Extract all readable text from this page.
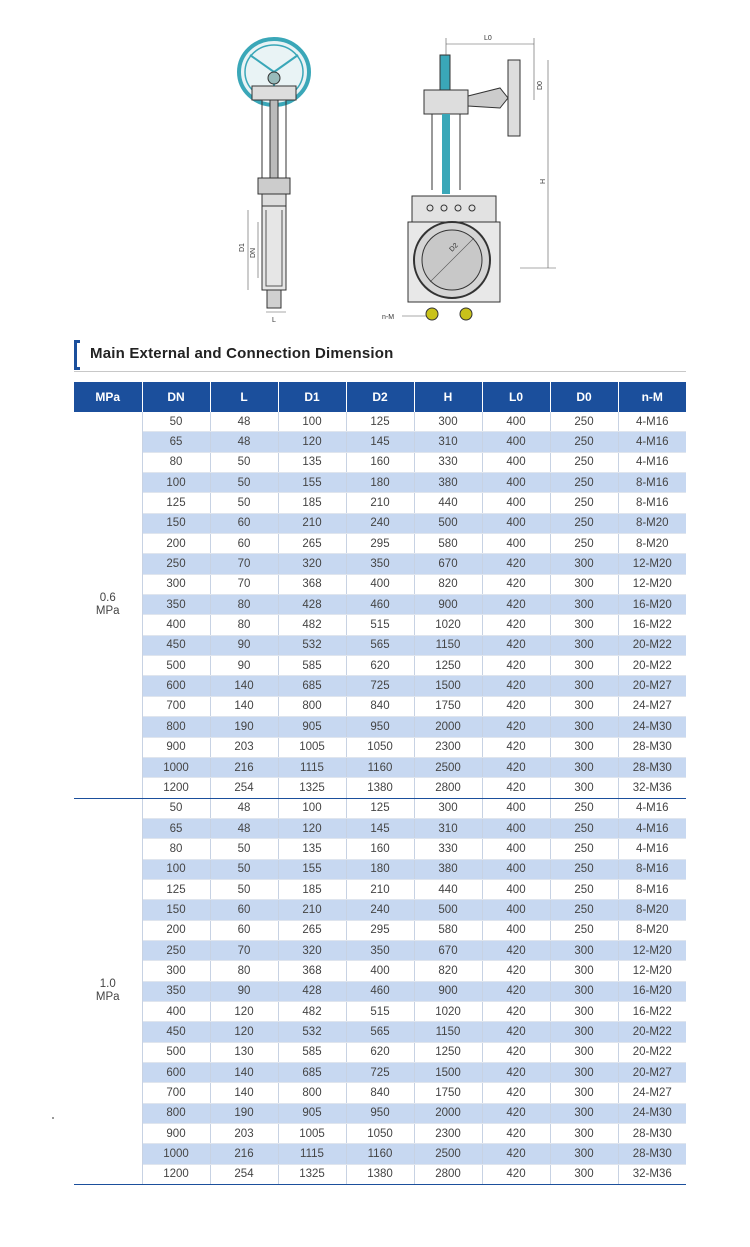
D1
DN
L
L0
D0
H
D2
n-M
Main External and Connection Dimension
MPa	DN	L	D1	D2	H	L0	D0	n-M

0.6
MPa	50	48	100	125	300	400	250	4-M16
	65	48	120	145	310	400	250	4-M16
	80	50	135	160	330	400	250	4-M16
	100	50	155	180	380	400	250	8-M16
	125	50	185	210	440	400	250	8-M16
	150	60	210	240	500	400	250	8-M20
	200	60	265	295	580	400	250	8-M20
	250	70	320	350	670	420	300	12-M20
	300	70	368	400	820	420	300	12-M20
	350	80	428	460	900	420	300	16-M20
	400	80	482	515	1020	420	300	16-M22
	450	90	532	565	1150	420	300	20-M22
	500	90	585	620	1250	420	300	20-M22
	600	140	685	725	1500	420	300	20-M27
	700	140	800	840	1750	420	300	24-M27
	800	190	905	950	2000	420	300	24-M30
	900	203	1005	1050	2300	420	300	28-M30
	1000	216	1115	1160	2500	420	300	28-M30
	1200	254	1325	1380	2800	420	300	32-M36

1.0
MPa	50	48	100	125	300	400	250	4-M16
	65	48	120	145	310	400	250	4-M16
	80	50	135	160	330	400	250	4-M16
	100	50	155	180	380	400	250	8-M16
	125	50	185	210	440	400	250	8-M16
	150	60	210	240	500	400	250	8-M20
	200	60	265	295	580	400	250	8-M20
	250	70	320	350	670	420	300	12-M20
	300	80	368	400	820	420	300	12-M20
	350	90	428	460	900	420	300	16-M20
	400	120	482	515	1020	420	300	16-M22
	450	120	532	565	1150	420	300	20-M22
	500	130	585	620	1250	420	300	20-M22
	600	140	685	725	1500	420	300	20-M27
	700	140	800	840	1750	420	300	24-M27
	800	190	905	950	2000	420	300	24-M30
	900	203	1005	1050	2300	420	300	28-M30
	1000	216	1115	1160	2500	420	300	28-M30
	1200	254	1325	1380	2800	420	300	32-M36
